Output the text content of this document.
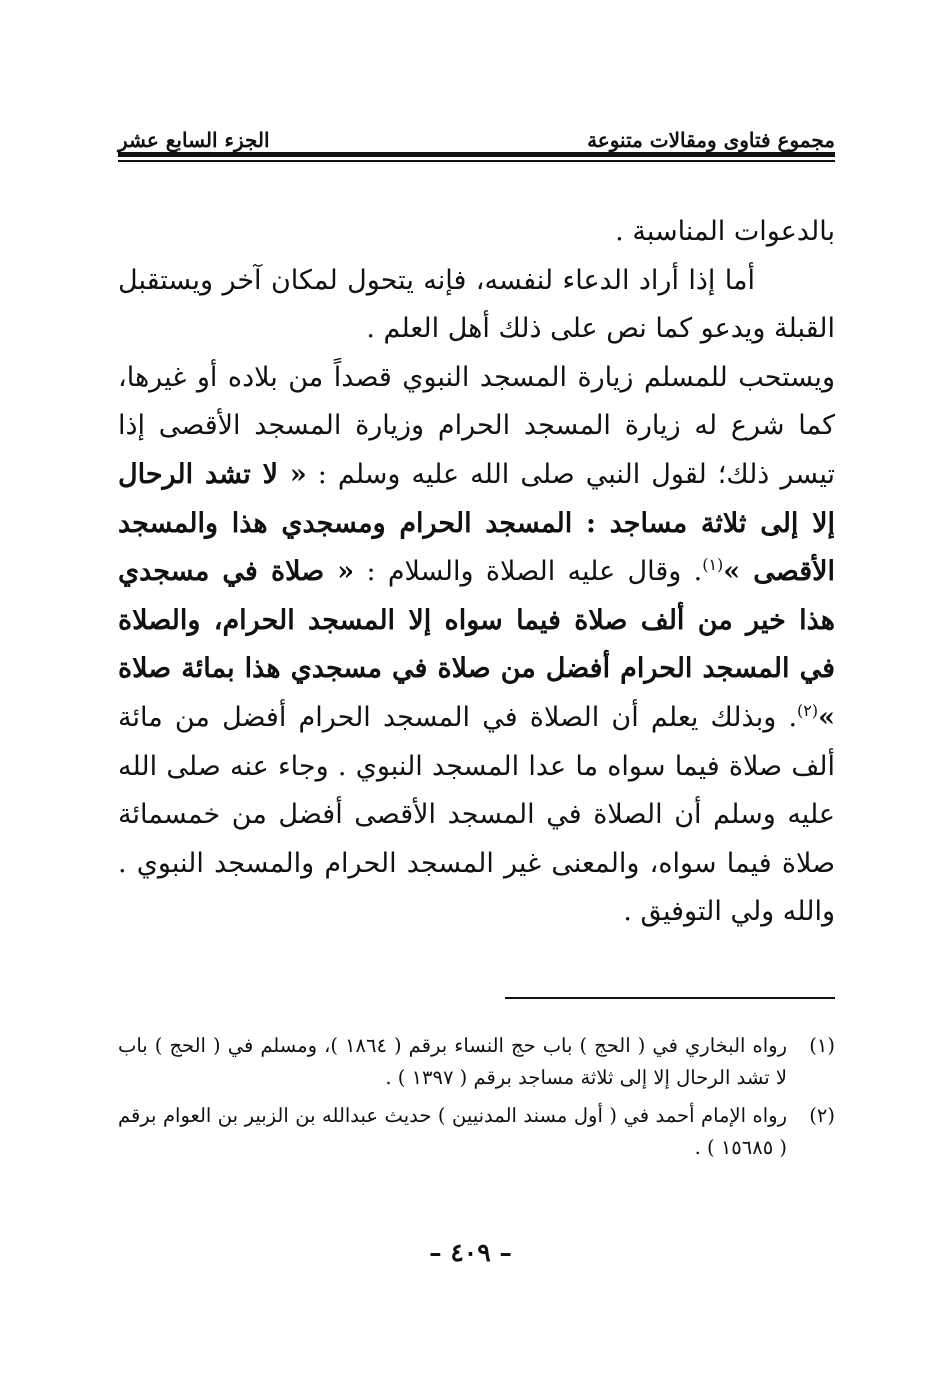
مجموع فتاوى ومقالات متنوعة
الجزء السابع عشر

بالدعوات المناسبة .

أما إذا أراد الدعاء لنفسه، فإنه يتحول لمكان آخر ويستقبل القبلة ويدعو كما نص على ذلك أهل العلم .

ويستحب للمسلم زيارة المسجد النبوي قصداً من بلاده أو غيرها، كما شرع له زيارة المسجد الحرام وزيارة المسجد الأقصى إذا تيسر ذلك؛ لقول النبي صلى الله عليه وسلم : « لا تشد الرحال إلا إلى ثلاثة مساجد : المسجد الحرام ومسجدي هذا والمسجد الأقصى »$^{(١)}$. وقال عليه الصلاة والسلام : « صلاة في مسجدي هذا خير من ألف صلاة فيما سواه إلا المسجد الحرام، والصلاة في المسجد الحرام أفضل من صلاة في مسجدي هذا بمائة صلاة »$^{(٢)}$. وبذلك يعلم أن الصلاة في المسجد الحرام أفضل من مائة ألف صلاة فيما سواه ما عدا المسجد النبوي . وجاء عنه صلى الله عليه وسلم أن الصلاة في المسجد الأقصى أفضل من خمسمائة صلاة فيما سواه، والمعنى غير المسجد الحرام والمسجد النبوي . والله ولي التوفيق .

(١)
رواه البخاري في ( الحج ) باب حج النساء برقم ( ١٨٦٤ )، ومسلم في ( الحج ) باب لا تشد الرحال إلا إلى ثلاثة مساجد برقم ( ١٣٩٧ ) .
(٢)
رواه الإمام أحمد في ( أول مسند المدنيين ) حديث عبدالله بن الزبير بن العوام برقم ( ١٥٦٨٥ ) .
– ٤٠٩ –
